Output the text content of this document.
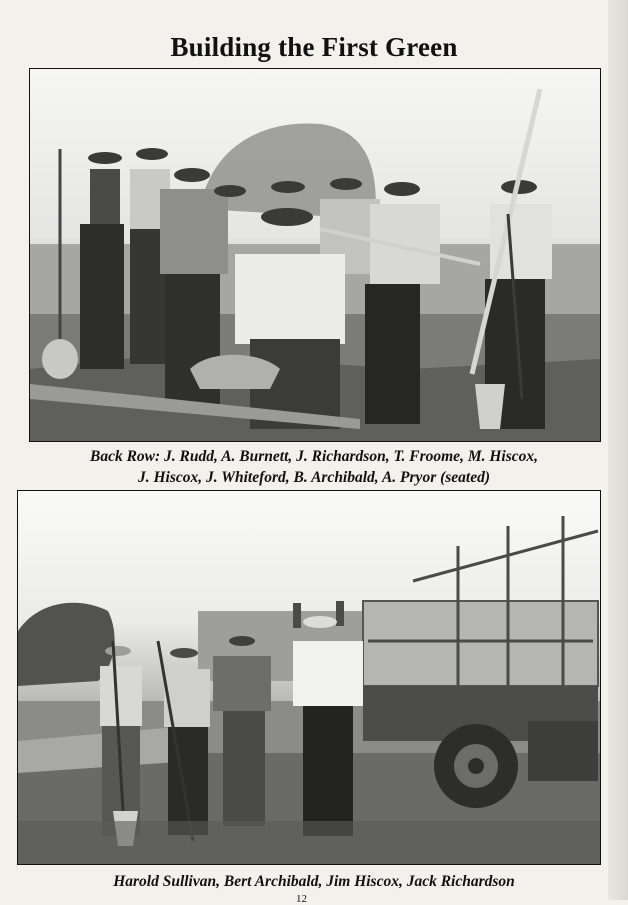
Building the First Green
Back Row: J. Rudd, A. Burnett, J. Richardson, T. Froome, M. Hiscox,
J. Hiscox, J. Whiteford, B. Archibald, A. Pryor (seated)
Harold Sullivan, Bert Archibald, Jim Hiscox, Jack Richardson
12
